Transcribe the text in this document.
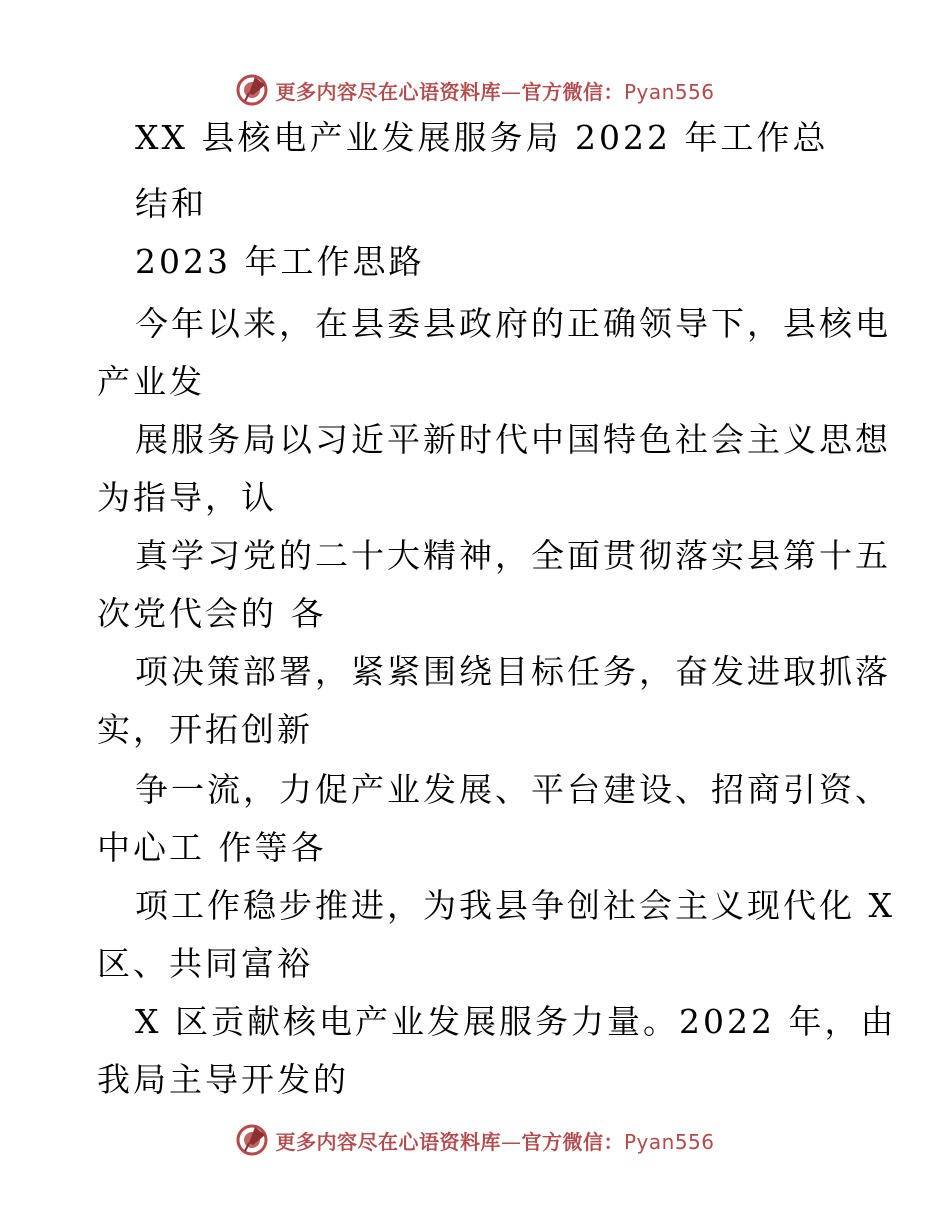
更多内容尽在心语资料库—官方微信：Pyan556
XX 县核电产业发展服务局 2022 年工作总
结和
2023 年工作思路
今年以来，在县委县政府的正确领导下，县核电
产业发
展服务局以习近平新时代中国特色社会主义思想
为指导，认
真学习党的二十大精神，全面贯彻落实县第十五
次党代会的 各
项决策部署，紧紧围绕目标任务，奋发进取抓落
实，开拓创新
争一流，力促产业发展、平台建设、招商引资、
中心工 作等各
项工作稳步推进，为我县争创社会主义现代化 X
区、共同富裕
X 区贡献核电产业发展服务力量。2022 年，由
我局主导开发的
更多内容尽在心语资料库—官方微信：Pyan556
